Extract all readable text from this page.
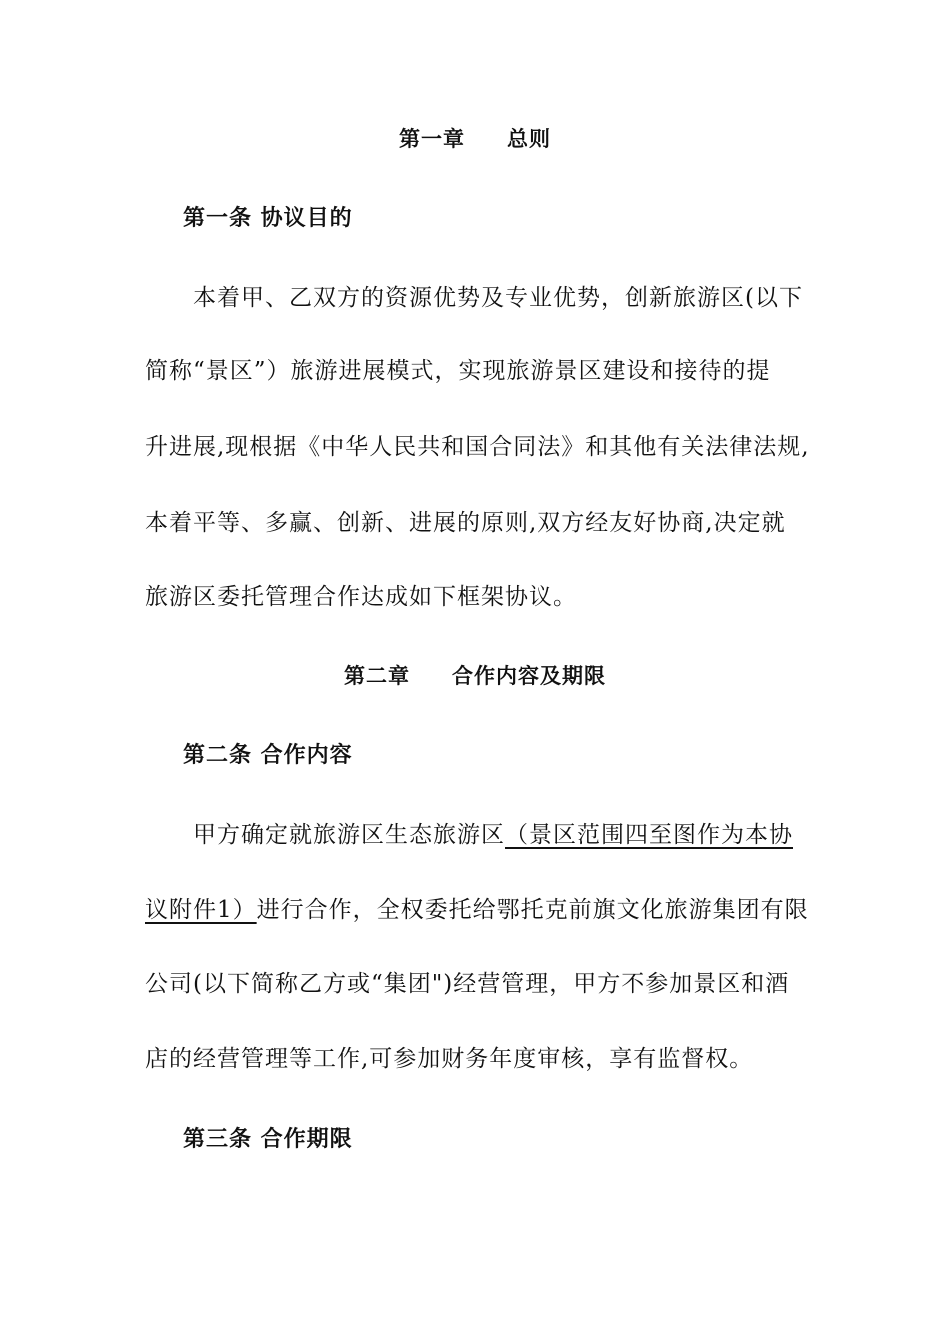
第一章 总则
第一条 协议目的
本着甲、乙双方的资源优势及专业优势，创新旅游区(以下
简称“景区”）旅游进展模式，实现旅游景区建设和接待的提
升进展,现根据《中华人民共和国合同法》和其他有关法律法规,
本着平等、多赢、创新、进展的原则,双方经友好协商,决定就
旅游区委托管理合作达成如下框架协议。
第二章 合作内容及期限
第二条 合作内容
甲方确定就旅游区生态旅游区（景区范围四至图作为本协
议附件1）进行合作，全权委托给鄂托克前旗文化旅游集团有限
公司(以下简称乙方或“集团")经营管理，甲方不参加景区和酒
店的经营管理等工作,可参加财务年度审核，享有监督权。
第三条 合作期限
